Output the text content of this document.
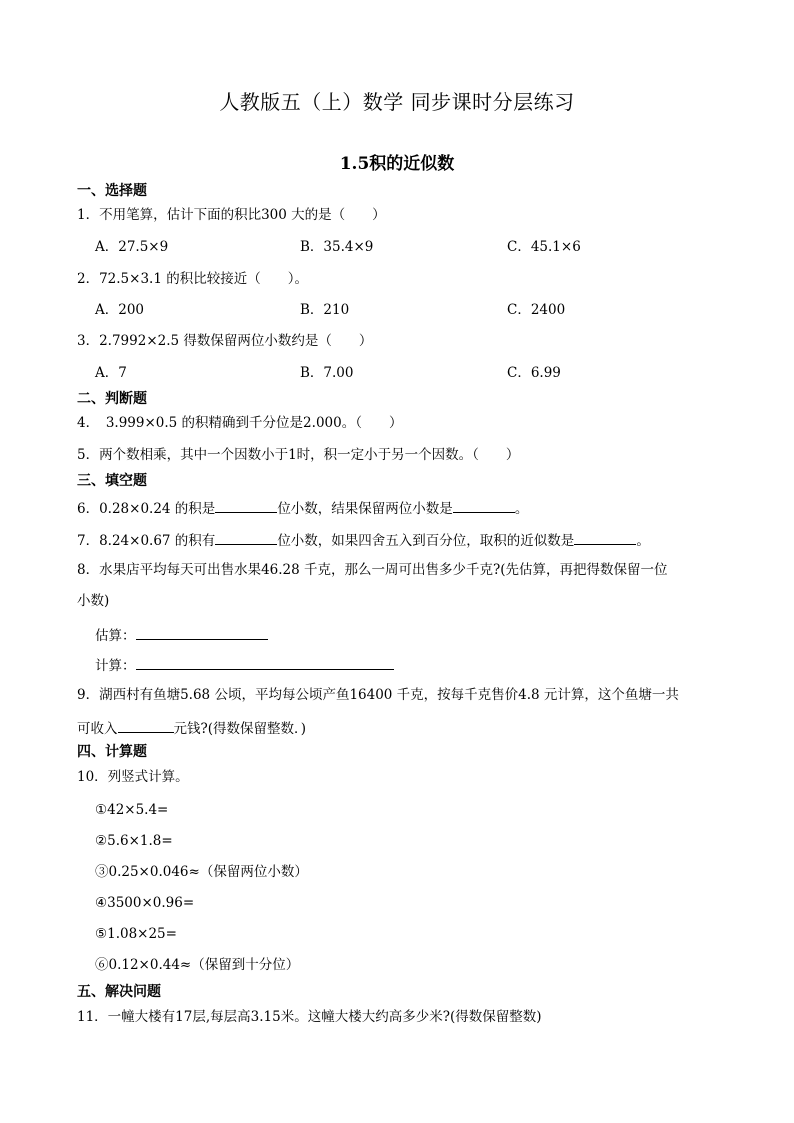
人教版五（上）数学 同步课时分层练习
1.5积的近似数
一、选择题
1．不用笔算，估计下面的积比300 大的是（　　）
A．27.5×9	B．35.4×9	C．45.1×6
2．72.5×3.1 的积比较接近（　　）。
A．200	B．210	C．2400
3．2.7992×2.5 得数保留两位小数约是（　　）
A．7	B．7.00	C．6.99
二、判断题
4．　3.999×0.5 的积精确到千分位是2.000。（　　）
5．两个数相乘，其中一个因数小于1时，积一定小于另一个因数。（　　）
三、填空题
6．0.28×0.24 的积是	位小数，结果保留两位小数是	。
7．8.24×0.67 的积有	位小数，如果四舍五入到百分位，取积的近似数是	。
8．水果店平均每天可出售水果46.28 千克，那么一周可出售多少千克?(先估算，再把得数保留一位
小数)
估算：
计算：
9．湖西村有鱼塘5.68 公顷，平均每公顷产鱼16400 千克，按每千克售价4.8 元计算，这个鱼塘一共
可收入	元钱?(得数保留整数．)
四、计算题
10．列竖式计算。
①42×5.4=
②5.6×1.8=
③0.25×0.046≈（保留两位小数）
④3500×0.96=
⑤1.08×25=
⑥0.12×0.44≈（保留到十分位）
五、解决问题
11．一幢大楼有17层,每层高3.15米。这幢大楼大约高多少米?(得数保留整数)
